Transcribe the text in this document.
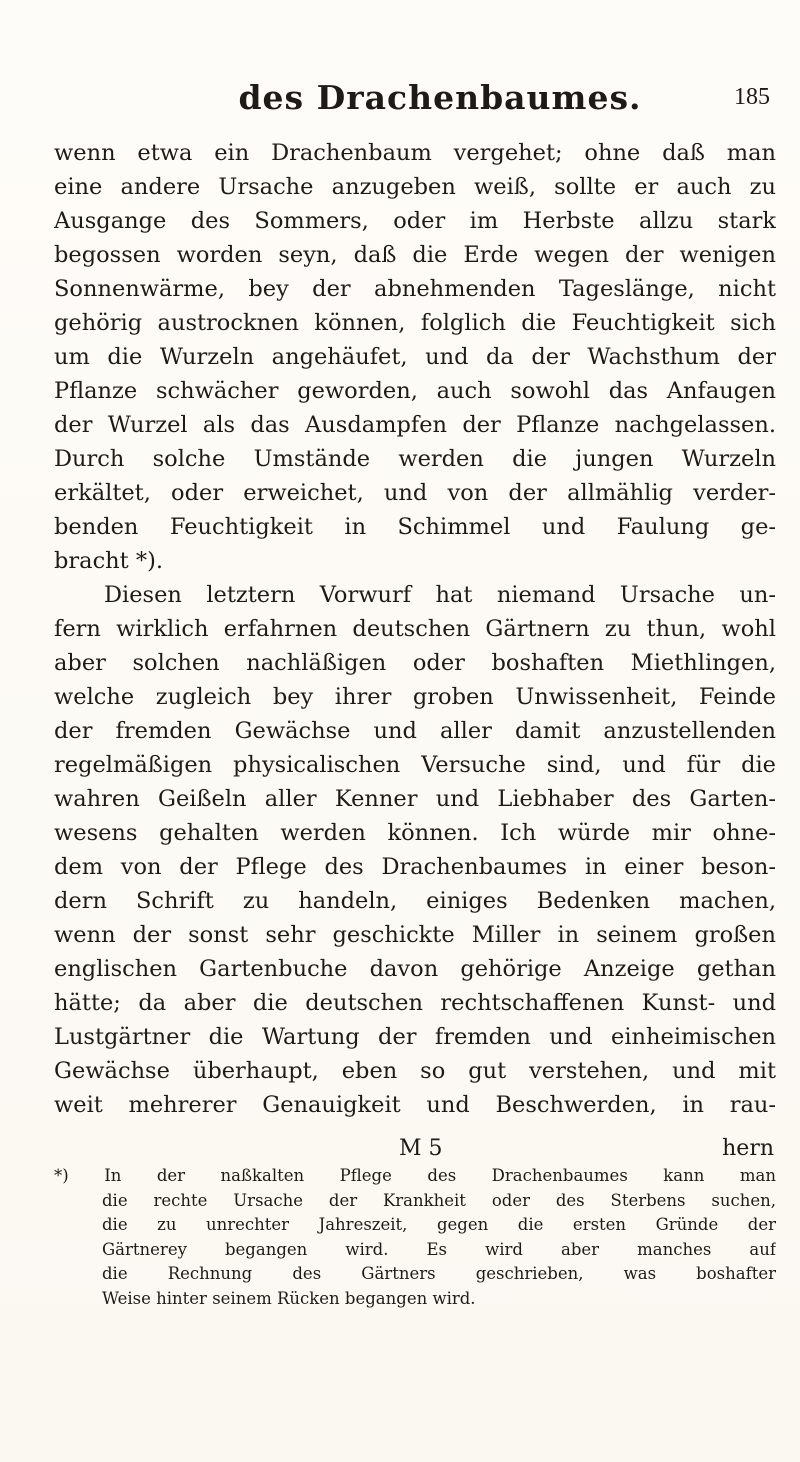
des Drachenbaumes.	185
wenn etwa ein Drachenbaum vergehet; ohne daß man
eine andere Ursache anzugeben weiß, sollte er auch zu
Ausgange des Sommers, oder im Herbste allzu stark
begossen worden seyn, daß die Erde wegen der wenigen
Sonnenwärme, bey der abnehmenden Tageslänge, nicht
gehörig austrocknen können, folglich die Feuchtigkeit sich
um die Wurzeln angehäufet, und da der Wachsthum der
Pflanze schwächer geworden, auch sowohl das Anfaugen
der Wurzel als das Ausdampfen der Pflanze nachgelassen.
Durch solche Umstände werden die jungen Wurzeln
erkältet, oder erweichet, und von der allmählig verder-
benden Feuchtigkeit in Schimmel und Faulung ge-
bracht *).
Diesen letztern Vorwurf hat niemand Ursache un-
fern wirklich erfahrnen deutschen Gärtnern zu thun, wohl
aber solchen nachläßigen oder boshaften Miethlingen,
welche zugleich bey ihrer groben Unwissenheit, Feinde
der fremden Gewächse und aller damit anzustellenden
regelmäßigen physicalischen Versuche sind, und für die
wahren Geißeln aller Kenner und Liebhaber des Garten-
wesens gehalten werden können. Ich würde mir ohne-
dem von der Pflege des Drachenbaumes in einer beson-
dern Schrift zu handeln, einiges Bedenken machen,
wenn der sonst sehr geschickte Miller in seinem großen
englischen Gartenbuche davon gehörige Anzeige gethan
hätte; da aber die deutschen rechtschaffenen Kunst- und
Lustgärtner die Wartung der fremden und einheimischen
Gewächse überhaupt, eben so gut verstehen, und mit
weit mehrerer Genauigkeit und Beschwerden, in rau-
M 5	hern
*) In der naßkalten Pflege des Drachenbaumes kann man
die rechte Ursache der Krankheit oder des Sterbens suchen,
die zu unrechter Jahreszeit, gegen die ersten Gründe der
Gärtnerey begangen wird. Es wird aber manches auf
die Rechnung des Gärtners geschrieben, was boshafter
Weise hinter seinem Rücken begangen wird.
